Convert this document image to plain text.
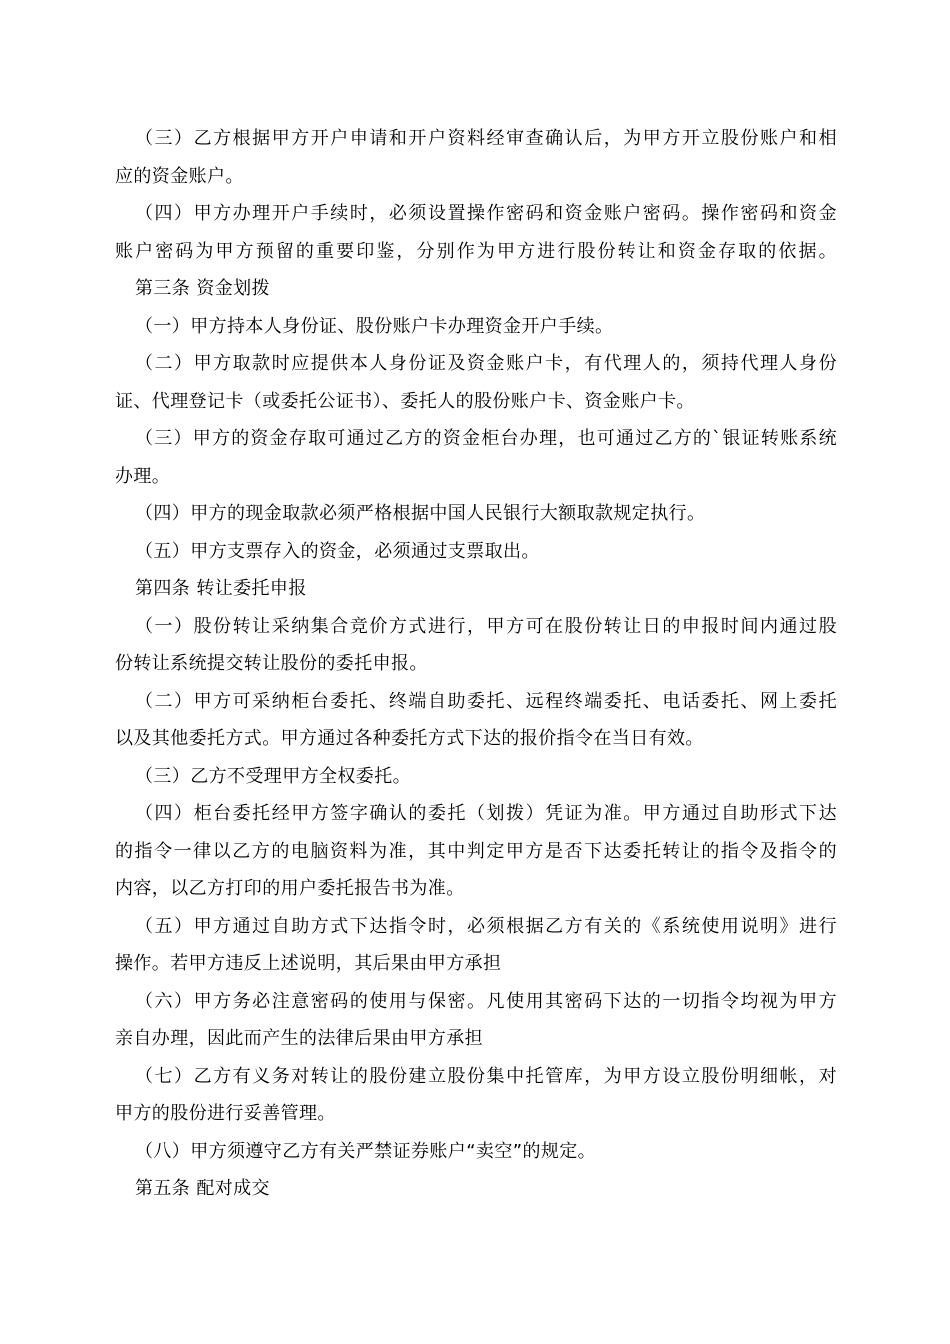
（三）乙方根据甲方开户申请和开户资料经审查确认后，为甲方开立股份账户和相
应的资金账户。
（四）甲方办理开户手续时，必须设置操作密码和资金账户密码。操作密码和资金
账户密码为甲方预留的重要印鉴，分别作为甲方进行股份转让和资金存取的依据。
第三条 资金划拨
（一）甲方持本人身份证、股份账户卡办理资金开户手续。
（二）甲方取款时应提供本人身份证及资金账户卡，有代理人的，须持代理人身份
证、代理登记卡（或委托公证书）、委托人的股份账户卡、资金账户卡。
（三）甲方的资金存取可通过乙方的资金柜台办理，也可通过乙方的`银证转账系统
办理。
（四）甲方的现金取款必须严格根据中国人民银行大额取款规定执行。
（五）甲方支票存入的资金，必须通过支票取出。
第四条 转让委托申报
（一）股份转让采纳集合竞价方式进行，甲方可在股份转让日的申报时间内通过股
份转让系统提交转让股份的委托申报。
（二）甲方可采纳柜台委托、终端自助委托、远程终端委托、电话委托、网上委托
以及其他委托方式。甲方通过各种委托方式下达的报价指令在当日有效。
（三）乙方不受理甲方全权委托。
（四）柜台委托经甲方签字确认的委托（划拨）凭证为准。甲方通过自助形式下达
的指令一律以乙方的电脑资料为准，其中判定甲方是否下达委托转让的指令及指令的
内容，以乙方打印的用户委托报告书为准。
（五）甲方通过自助方式下达指令时，必须根据乙方有关的《系统使用说明》进行
操作。若甲方违反上述说明，其后果由甲方承担
（六）甲方务必注意密码的使用与保密。凡使用其密码下达的一切指令均视为甲方
亲自办理，因此而产生的法律后果由甲方承担
（七）乙方有义务对转让的股份建立股份集中托管库，为甲方设立股份明细帐，对
甲方的股份进行妥善管理。
（八）甲方须遵守乙方有关严禁证券账户“卖空”的规定。
第五条 配对成交
